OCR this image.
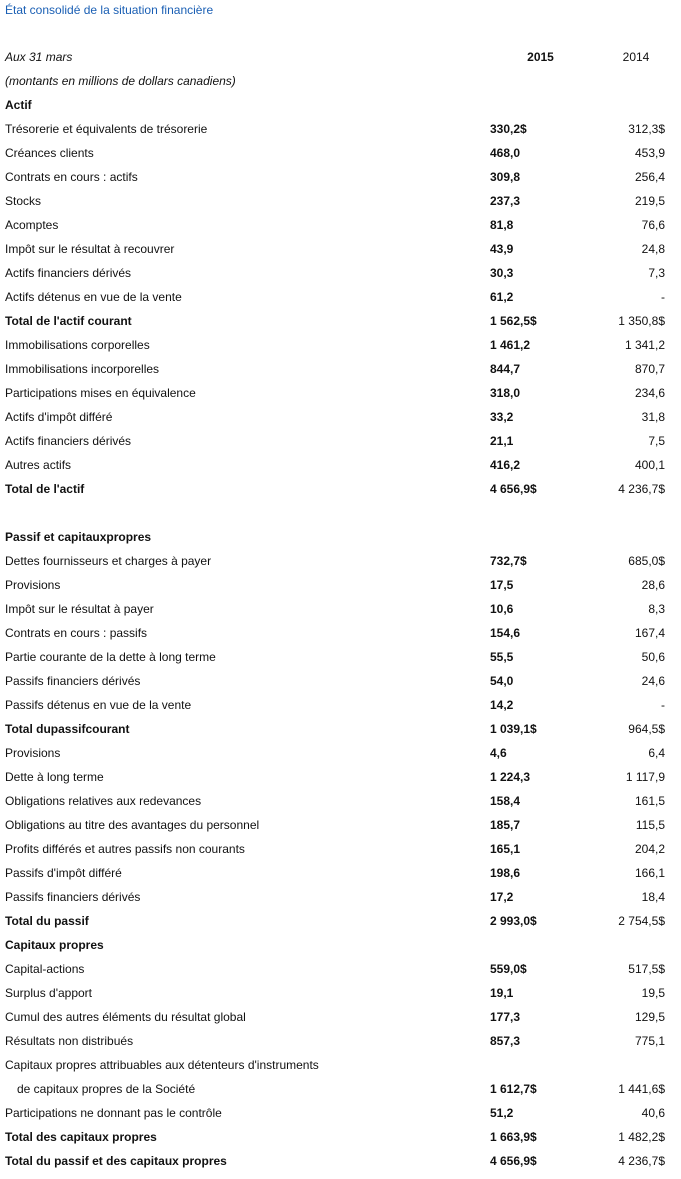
État consolidé de la situation financière
Aux 31 mars	2015	2014
(montants en millions de dollars canadiens)		
Actif		
Trésorerie et équivalents de trésorerie	330,2$	312,3$
Créances clients	468,0	453,9
Contrats en cours : actifs	309,8	256,4
Stocks	237,3	219,5
Acomptes	81,8	76,6
Impôt sur le résultat à recouvrer	43,9	24,8
Actifs financiers dérivés	30,3	7,3
Actifs détenus en vue de la vente	61,2	-
Total de l'actif courant	1 562,5$	1 350,8$
Immobilisations corporelles	1 461,2	1 341,2
Immobilisations incorporelles	844,7	870,7
Participations mises en équivalence	318,0	234,6
Actifs d'impôt différé	33,2	31,8
Actifs financiers dérivés	21,1	7,5
Autres actifs	416,2	400,1
Total de l'actif	4 656,9$	4 236,7$

Passif et capitauxpropres		
Dettes fournisseurs et charges à payer	732,7$	685,0$
Provisions	17,5	28,6
Impôt sur le résultat à payer	10,6	8,3
Contrats en cours : passifs	154,6	167,4
Partie courante de la dette à long terme	55,5	50,6
Passifs financiers dérivés	54,0	24,6
Passifs détenus en vue de la vente	14,2	-
Total dupassifcourant	1 039,1$	964,5$
Provisions	4,6	6,4
Dette à long terme	1 224,3	1 117,9
Obligations relatives aux redevances	158,4	161,5
Obligations au titre des avantages du personnel	185,7	115,5
Profits différés et autres passifs non courants	165,1	204,2
Passifs d'impôt différé	198,6	166,1
Passifs financiers dérivés	17,2	18,4
Total du passif	2 993,0$	2 754,5$
Capitaux propres		
Capital-actions	559,0$	517,5$
Surplus d'apport	19,1	19,5
Cumul des autres éléments du résultat global	177,3	129,5
Résultats non distribués	857,3	775,1
Capitaux propres attribuables aux détenteurs d'instruments		
de capitaux propres de la Société	1 612,7$	1 441,6$
Participations ne donnant pas le contrôle	51,2	40,6
Total des capitaux propres	1 663,9$	1 482,2$
Total du passif et des capitaux propres	4 656,9$	4 236,7$
